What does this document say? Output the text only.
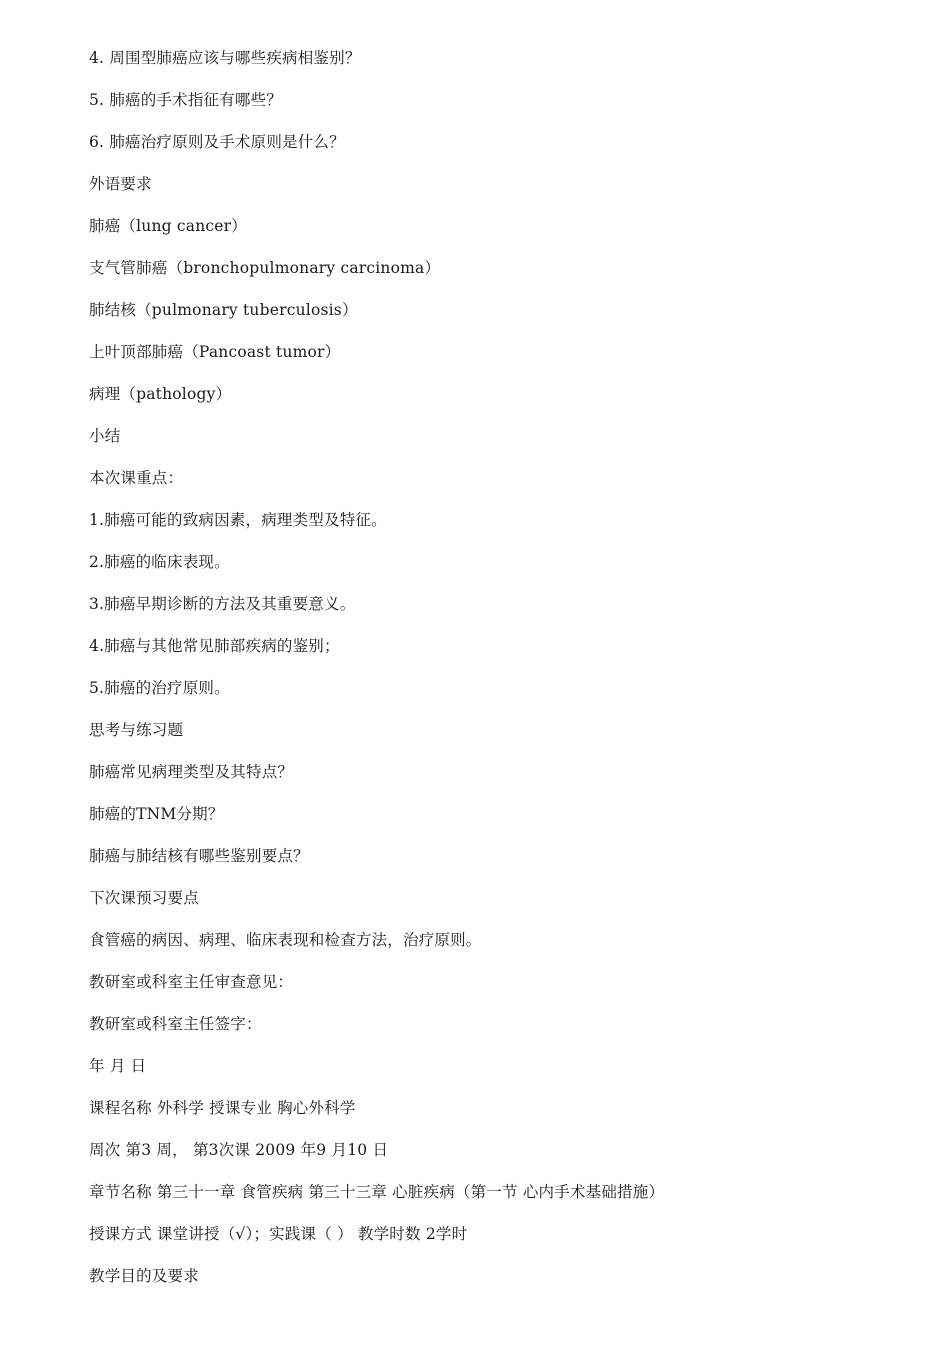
4. 周围型肺癌应该与哪些疾病相鉴别？
5. 肺癌的手术指征有哪些？
6. 肺癌治疗原则及手术原则是什么？
外语要求
肺癌（lung cancer）
支气管肺癌（bronchopulmonary carcinoma）
肺结核（pulmonary tuberculosis）
上叶顶部肺癌（Pancoast tumor）
病理（pathology）
小结
本次课重点：
1.肺癌可能的致病因素，病理类型及特征。
2.肺癌的临床表现。
3.肺癌早期诊断的方法及其重要意义。
4.肺癌与其他常见肺部疾病的鉴别；
5.肺癌的治疗原则。
思考与练习题
肺癌常见病理类型及其特点？
肺癌的TNM分期？
肺癌与肺结核有哪些鉴别要点？
下次课预习要点
食管癌的病因、病理、临床表现和检查方法，治疗原则。
教研室或科室主任审查意见：
教研室或科室主任签字：
年 月 日
课程名称 外科学 授课专业 胸心外科学
周次 第3 周， 第3次课 2009 年9 月10 日
章节名称 第三十一章 食管疾病 第三十三章 心脏疾病（第一节 心内手术基础措施）
授课方式 课堂讲授（√）；实践课（ ） 教学时数 2学时
教学目的及要求
